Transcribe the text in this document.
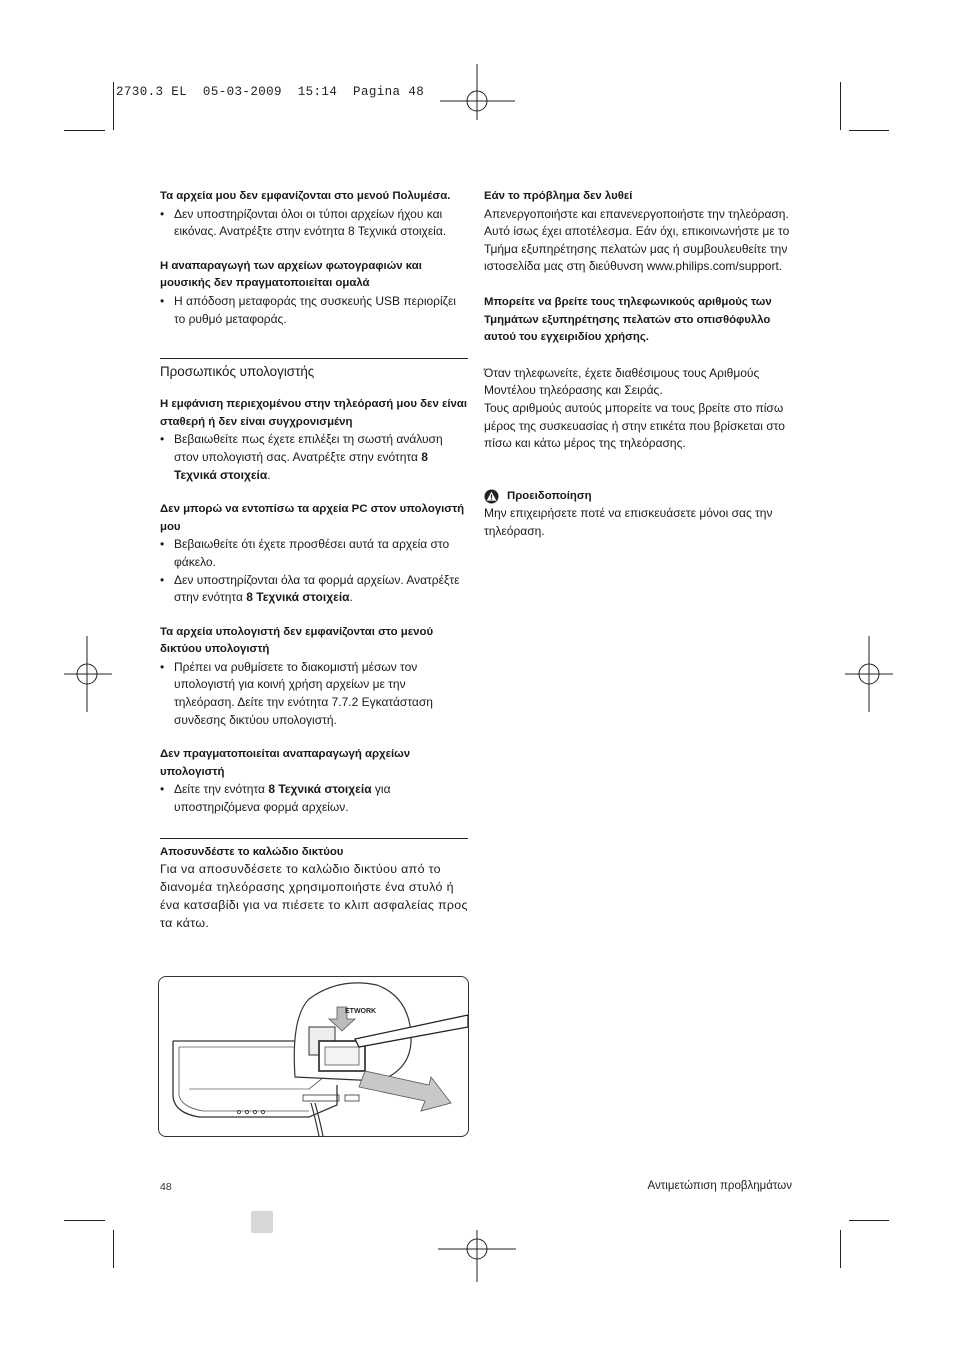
2730.3 EL  05-03-2009  15:14  Pagina 48
Τα αρχεία μου δεν εμφανίζονται στο μενού Πολυμέσα.
• Δεν υποστηρίζονται όλοι οι τύποι αρχείων ήχου και εικόνας. Ανατρέξτε στην ενότητα 8 Τεχνικά στοιχεία.
Η αναπαραγωγή των αρχείων φωτογραφιών και μουσικής δεν πραγματοποιείται ομαλά
• Η απόδοση μεταφοράς της συσκευής USB περιορίζει το ρυθμό μεταφοράς.
Προσωπικός υπολογιστής
Η εμφάνιση περιεχομένου στην τηλεόρασή μου δεν είναι σταθερή ή δεν είναι συγχρονισμένη
• Βεβαιωθείτε πως έχετε επιλέξει τη σωστή ανάλυση στον υπολογιστή σας. Ανατρέξτε στην ενότητα 8 Τεχνικά στοιχεία.
Δεν μπορώ να εντοπίσω τα αρχεία PC στον υπολογιστή μου
• Βεβαιωθείτε ότι έχετε προσθέσει αυτά τα αρχεία στο φάκελο.
• Δεν υποστηρίζονται όλα τα φορμά αρχείων. Ανατρέξτε στην ενότητα 8 Τεχνικά στοιχεία.
Τα αρχεία υπολογιστή δεν εμφανίζονται στο μενού δικτύου υπολογιστή
• Πρέπει να ρυθμίσετε το διακομιστή μέσων τον υπολογιστή για κοινή χρήση αρχείων με την τηλεόραση. Δείτε την ενότητα 7.7.2 Εγκατάσταση συνδεσης δικτύου υπολογιστή.
Δεν πραγματοποιείται αναπαραγωγή αρχείων υπολογιστή
• Δείτε την ενότητα 8 Τεχνικά στοιχεία για υποστηριζόμενα φορμά αρχείων.
Αποσυνδέστε το καλώδιο δικτύου

Για να αποσυνδέσετε το καλώδιο δικτύου από το διανομέα τηλεόρασης χρησιμοποιήστε ένα στυλό ή ένα κατσαβίδι για να πιέσετε το κλιπ ασφαλείας προς τα κάτω.

ETWORK
Εάν το πρόβλημα δεν λυθεί

Απενεργοποιήστε και επανενεργοποιήστε την τηλεόραση. Αυτό ίσως έχει αποτέλεσμα. Εάν όχι, επικοινωνήστε με το Τμήμα εξυπηρέτησης πελατών μας ή συμβουλευθείτε την ιστοσελίδα μας στη διεύθυνση www.philips.com/support.

Μπορείτε να βρείτε τους τηλεφωνικούς αριθμούς των Τμημάτων εξυπηρέτησης πελατών στο οπισθόφυλλο αυτού του εγχειριδίου χρήσης.

Όταν τηλεφωνείτε, έχετε διαθέσιμους τους Αριθμούς Μοντέλου τηλεόρασης και Σειράς.

Τους αριθμούς αυτούς μπορείτε να τους βρείτε στο πίσω μέρος της συσκευασίας ή στην ετικέτα που βρίσκεται στο πίσω και κάτω μέρος της τηλεόρασης.

Προειδοποίηση

Μην επιχειρήσετε ποτέ να επισκευάσετε μόνοι σας την τηλεόραση.

48	Αντιμετώπιση προβλημάτων
